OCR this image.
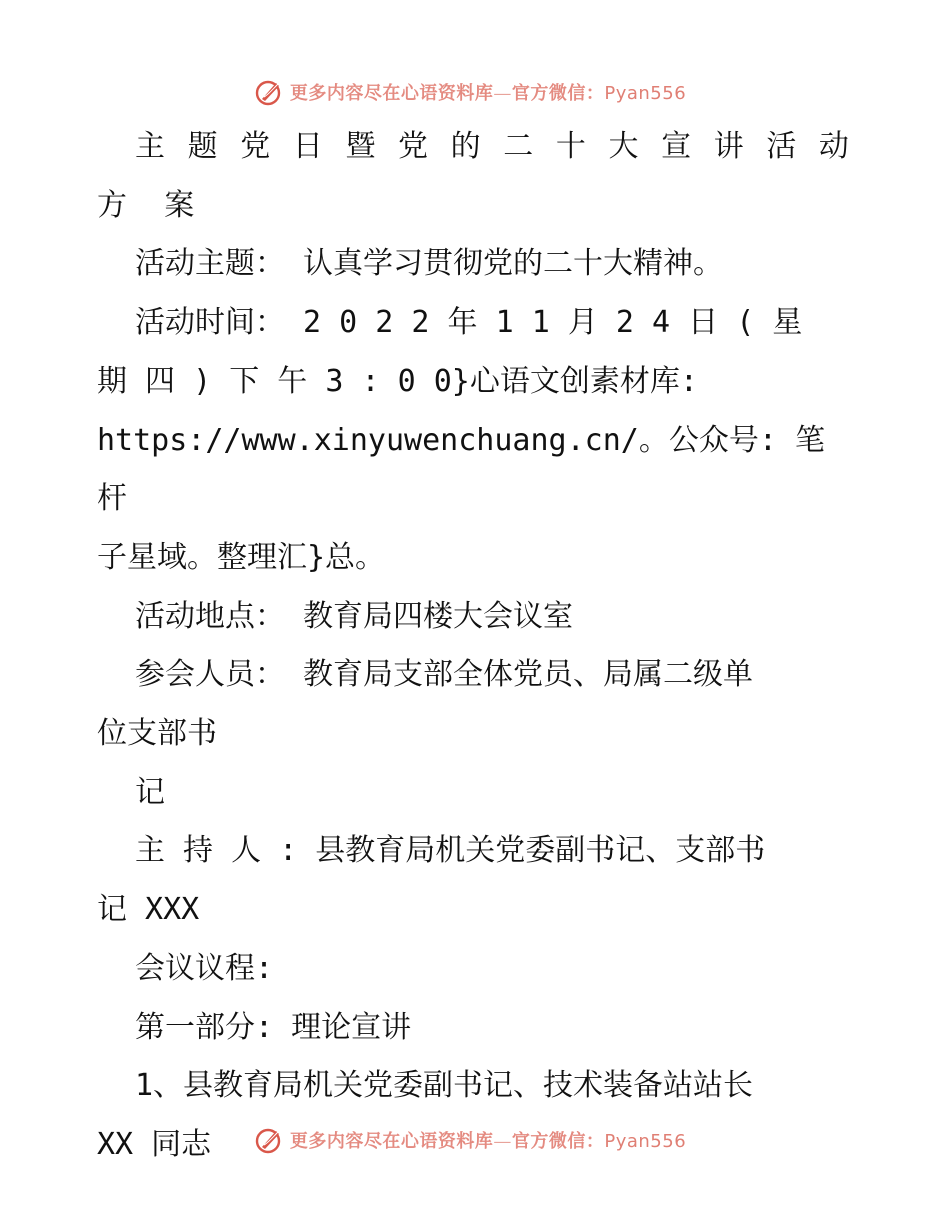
更多内容尽在心语资料库—官方微信：Pyan556
主 题 党 日 暨 党 的 二 十 大 宣 讲 活 动

方 案

活动主题： 认真学习贯彻党的二十大精神。

活动时间： 2 0 2 2 年 1 1 月 2 4 日 ( 星

期 四 ) 下 午 3 : 0 0}心语文创素材库:

https://www.xinyuwenchuang.cn/。公众号: 笔杆

子星域。整理汇}总。

活动地点： 教育局四楼大会议室

参会人员： 教育局支部全体党员、局属二级单

位支部书

记

主 持 人 : 县教育局机关党委副书记、支部书

记 XXX

会议议程:

第一部分: 理论宣讲

1、县教育局机关党委副书记、技术装备站站长

XX 同志	更多内容尽在心语资料库—官方微信：Pyan556
